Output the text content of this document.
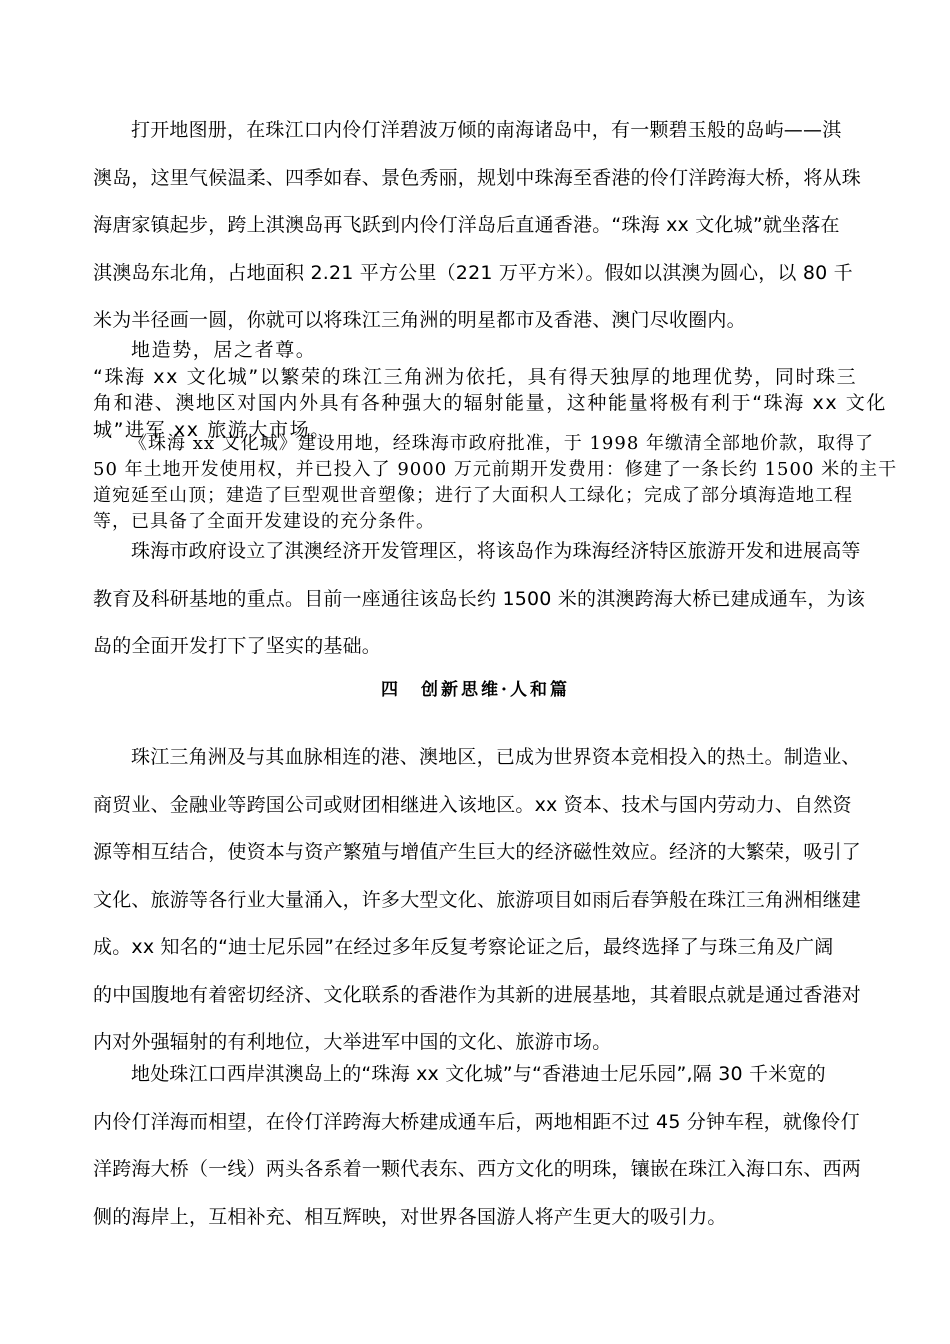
打开地图册，在珠江口内伶仃洋碧波万倾的南海诸岛中，有一颗碧玉般的岛屿——淇
澳岛，这里气候温柔、四季如春、景色秀丽，规划中珠海至香港的伶仃洋跨海大桥，将从珠
海唐家镇起步，跨上淇澳岛再飞跃到内伶仃洋岛后直通香港。“珠海 xx 文化城”就坐落在
淇澳岛东北角，占地面积 2.21 平方公里（221 万平方米）。假如以淇澳为圆心，以 80 千
米为半径画一圆，你就可以将珠江三角洲的明星都市及香港、澳门尽收圈内。
地造势，居之者尊。
“珠海 xx 文化城”以繁荣的珠江三角洲为依托，具有得天独厚的地理优势，同时珠三
角和港、澳地区对国内外具有各种强大的辐射能量，这种能量将极有利于“珠海 xx 文化
城”进军 xx 旅游大市场。
《珠海 xx 文化城》建设用地，经珠海市政府批准，于 1998 年缴清全部地价款，取得了
50 年土地开发使用权，并已投入了 9000 万元前期开发费用：修建了一条长约 1500 米的主干
道宛延至山顶；建造了巨型观世音塑像；进行了大面积人工绿化；完成了部分填海造地工程
等，已具备了全面开发建设的充分条件。
珠海市政府设立了淇澳经济开发管理区，将该岛作为珠海经济特区旅游开发和进展高等
教育及科研基地的重点。目前一座通往该岛长约 1500 米的淇澳跨海大桥已建成通车，为该
岛的全面开发打下了坚实的基础。
四　创新思维·人和篇
珠江三角洲及与其血脉相连的港、澳地区，已成为世界资本竞相投入的热土。制造业、
商贸业、金融业等跨国公司或财团相继进入该地区。xx 资本、技术与国内劳动力、自然资
源等相互结合，使资本与资产繁殖与增值产生巨大的经济磁性效应。经济的大繁荣，吸引了
文化、旅游等各行业大量涌入，许多大型文化、旅游项目如雨后春笋般在珠江三角洲相继建
成。xx 知名的“迪士尼乐园”在经过多年反复考察论证之后，最终选择了与珠三角及广阔
的中国腹地有着密切经济、文化联系的香港作为其新的进展基地，其着眼点就是通过香港对
内对外强辐射的有利地位，大举进军中国的文化、旅游市场。
地处珠江口西岸淇澳岛上的“珠海 xx 文化城”与“香港迪士尼乐园”,隔 30 千米宽的
内伶仃洋海而相望，在伶仃洋跨海大桥建成通车后，两地相距不过 45 分钟车程，就像伶仃
洋跨海大桥（一线）两头各系着一颗代表东、西方文化的明珠，镶嵌在珠江入海口东、西两
侧的海岸上，互相补充、相互辉映，对世界各国游人将产生更大的吸引力。
